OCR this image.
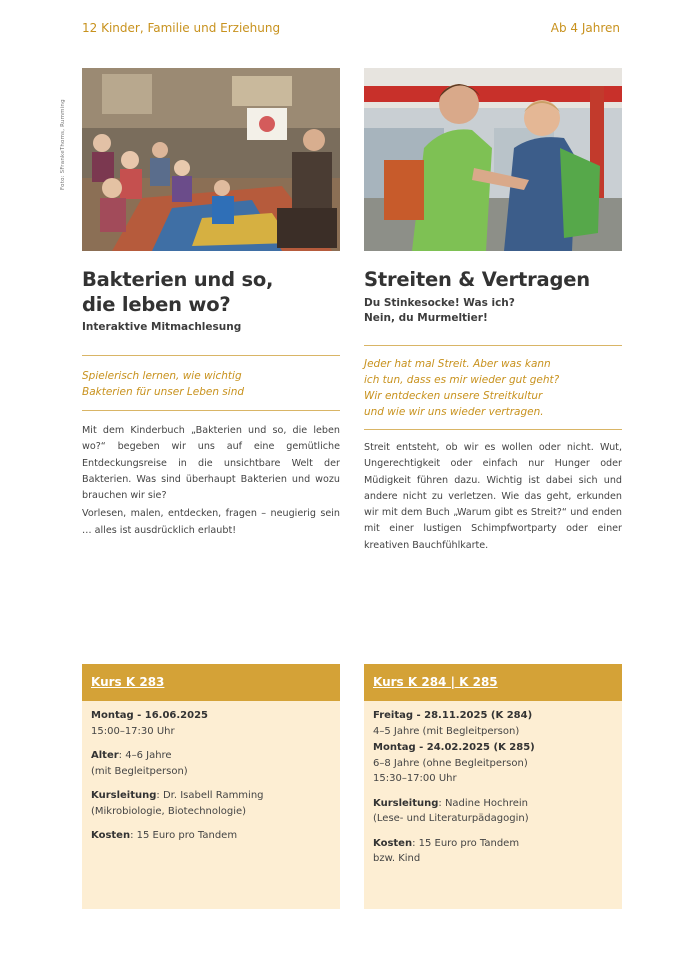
12 Kinder, Familie und Erziehung	Ab 4 Jahren
Foto: SFrankeThoms, Rumming
Bakterien und so,
die leben wo?
Interaktive Mitmachlesung
Spielerisch lernen, wie wichtig
Bakterien für unser Leben sind

Mit dem Kinderbuch „Bakterien und so, die leben wo?“ begeben wir uns auf eine gemütliche Entdeckungsreise in die unsichtbare Welt der Bakterien. Was sind überhaupt Bakterien und wozu brauchen wir sie?

Vorlesen, malen, entdecken, fragen – neugierig sein … alles ist ausdrücklich erlaubt!

Streiten & Vertragen
Du Stinkesocke! Was ich?
Nein, du Murmeltier!
Jeder hat mal Streit. Aber was kann
ich tun, dass es mir wieder gut geht?
Wir entdecken unsere Streitkultur
und wie wir uns wieder vertragen.

Streit entsteht, ob wir es wollen oder nicht. Wut, Ungerechtigkeit oder einfach nur Hunger oder Müdigkeit führen dazu. Wichtig ist dabei sich und andere nicht zu verletzen. Wie das geht, erkunden wir mit dem Buch „Warum gibt es Streit?“ und enden mit einer lustigen Schimpfwortparty oder einer kreativen Bauchfühlkarte.

Kurs K 283
Montag - 16.06.2025
15:00–17:30 Uhr
Alter: 4–6 Jahre
(mit Begleitperson)
Kursleitung: Dr. Isabell Ramming
(Mikrobiologie, Biotechnologie)
Kosten: 15 Euro pro Tandem
Kurs K 284 | K 285
Freitag - 28.11.2025 (K 284)
4–5 Jahre (mit Begleitperson)
Montag - 24.02.2025 (K 285)
6–8 Jahre (ohne Begleitperson)
15:30–17:00 Uhr
Kursleitung: Nadine Hochrein
(Lese- und Literaturpädagogin)
Kosten: 15 Euro pro Tandem
bzw. Kind
